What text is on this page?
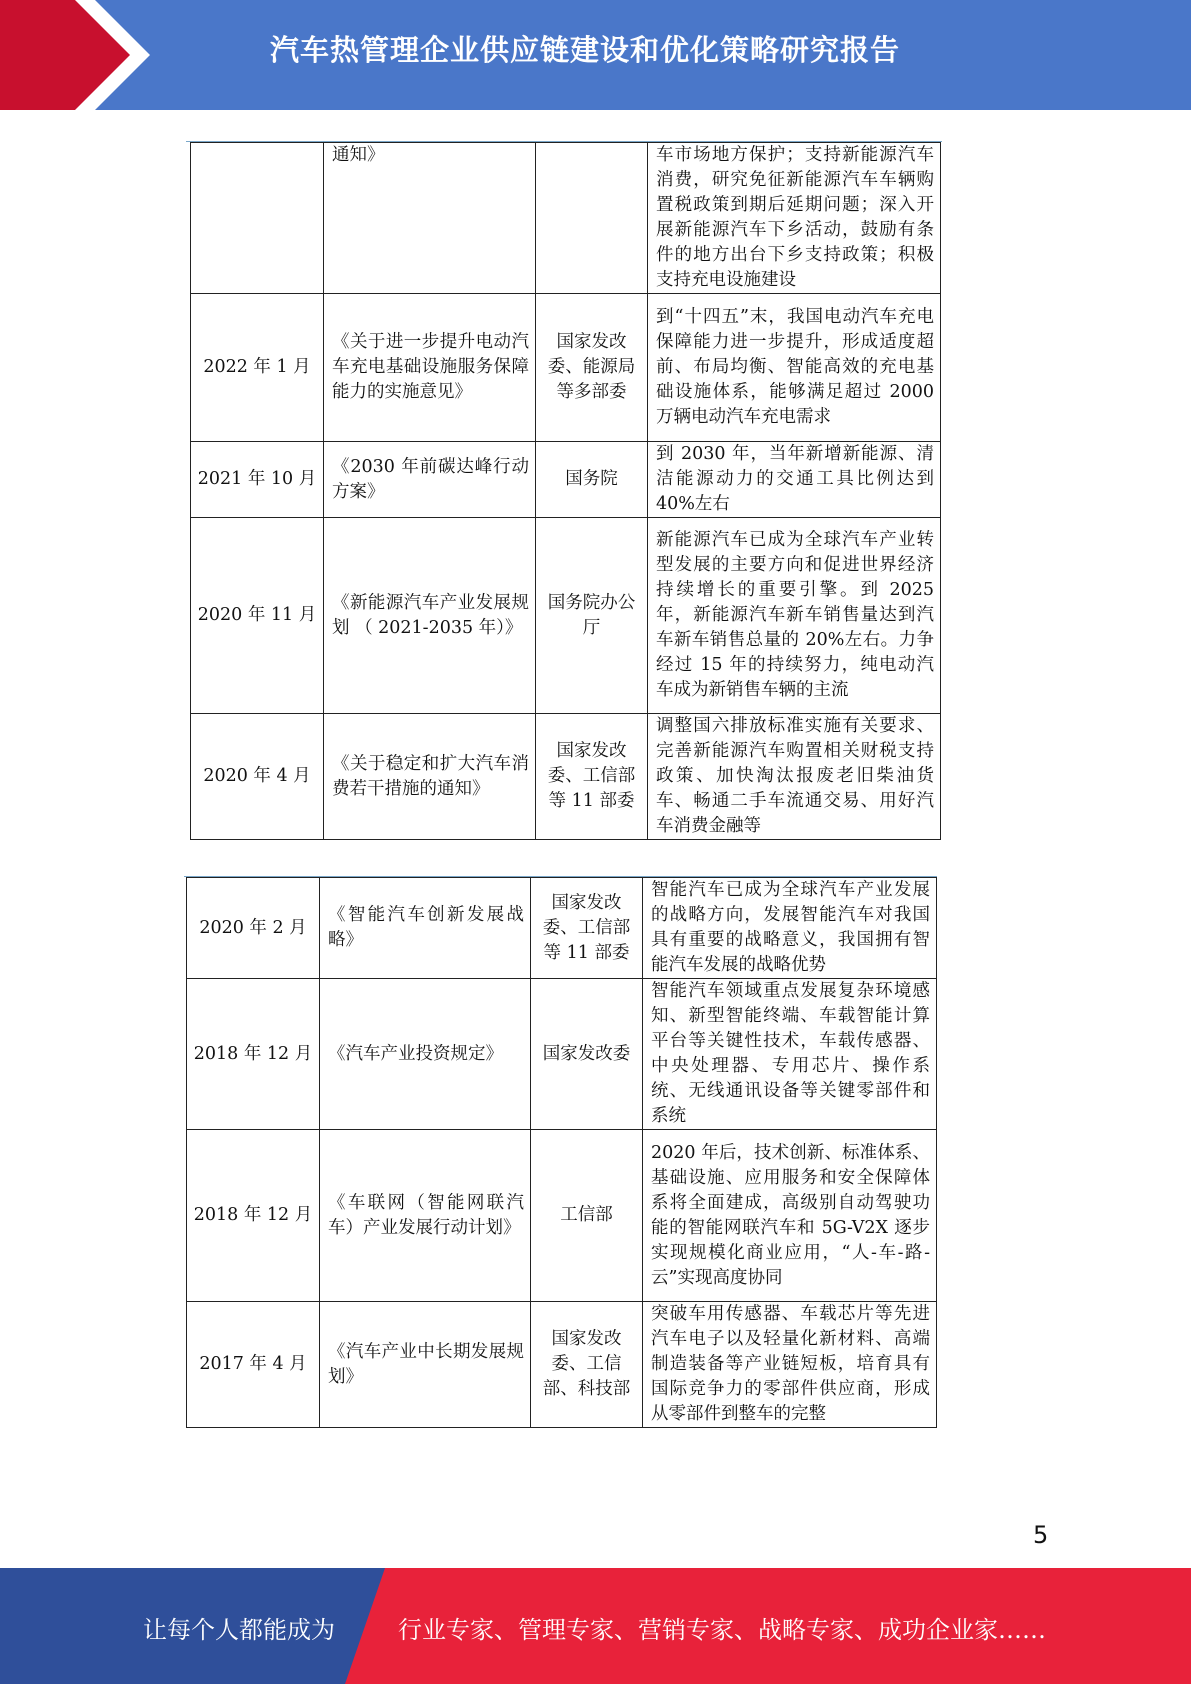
汽车热管理企业供应链建设和优化策略研究报告
	通知》		车市场地方保护；支持新能源汽车消费，研究免征新能源汽车车辆购置税政策到期后延期问题；深入开展新能源汽车下乡活动，鼓励有条件的地方出台下乡支持政策；积极支持充电设施建设
2022 年 1 月	《关于进一步提升电动汽车充电基础设施服务保障能力的实施意见》	国家发改委、能源局等多部委	到“十四五”末，我国电动汽车充电保障能力进一步提升，形成适度超前、布局均衡、智能高效的充电基础设施体系，能够满足超过 2000 万辆电动汽车充电需求
2021 年 10 月	《2030 年前碳达峰行动方案》	国务院	到 2030 年，当年新增新能源、清洁能源动力的交通工具比例达到 40%左右
2020 年 11 月	《新能源汽车产业发展规 划 （ 2021-2035 年）》	国务院办公厅	新能源汽车已成为全球汽车产业转型发展的主要方向和促进世界经济持续增长的重要引擎。到 2025 年，新能源汽车新车销售量达到汽车新车销售总量的 20%左右。力争经过 15 年的持续努力，纯电动汽车成为新销售车辆的主流
2020 年 4 月	《关于稳定和扩大汽车消费若干措施的通知》	国家发改委、工信部等 11 部委	调整国六排放标准实施有关要求、完善新能源汽车购置相关财税支持政策、加快淘汰报废老旧柴油货车、畅通二手车流通交易、用好汽车消费金融等
2020 年 2 月	《智能汽车创新发展战略》	国家发改委、工信部等 11 部委	智能汽车已成为全球汽车产业发展的战略方向，发展智能汽车对我国具有重要的战略意义，我国拥有智能汽车发展的战略优势
2018 年 12 月	《汽车产业投资规定》	国家发改委	智能汽车领域重点发展复杂环境感知、新型智能终端、车载智能计算平台等关键性技术，车载传感器、中央处理器、专用芯片、操作系统、无线通讯设备等关键零部件和系统
2018 年 12 月	《车联网（智能网联汽车）产业发展行动计划》	工信部	2020 年后，技术创新、标准体系、基础设施、应用服务和安全保障体系将全面建成，高级别自动驾驶功能的智能网联汽车和 5G-V2X 逐步实现规模化商业应用，“人-车-路-云”实现高度协同
2017 年 4 月	《汽车产业中长期发展规划》	国家发改委、工信部、科技部	突破车用传感器、车载芯片等先进汽车电子以及轻量化新材料、高端制造装备等产业链短板，培育具有国际竞争力的零部件供应商，形成从零部件到整车的完整
5
让每个人都能成为	行业专家、管理专家、营销专家、战略专家、成功企业家……
